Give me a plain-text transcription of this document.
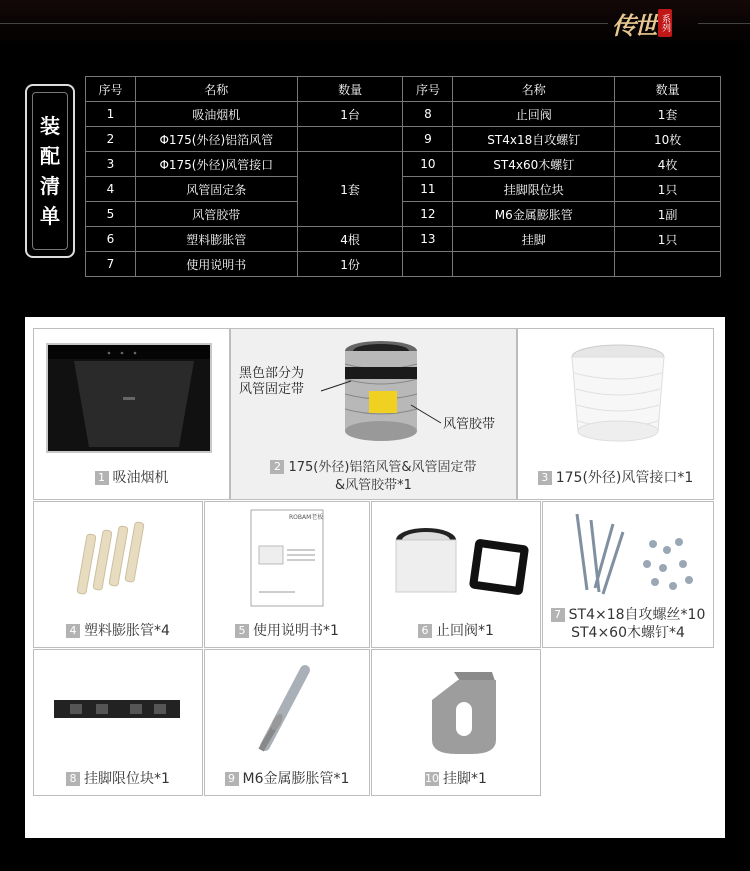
传世 系列
装
配
清
单
序号	名称	数量	序号	名称	数量
1	吸油烟机	1台	8	止回阀	1套
2	Φ175(外径)铝箔风管		9	ST4x18自攻螺钉	10枚
3	Φ175(外径)风管接口	1套	10	ST4x60木螺钉	4枚
4	风管固定条		11	挂脚限位块	1只
5	风管胶带		12	M6金属膨胀管	1副
6	塑料膨胀管	4根	13	挂脚	1只
7	使用说明书	1份			
1 吸油烟机
黑色部分为
风管固定带
风管胶带
2 175(外径)铝箔风管&风管固定带
&风管胶带*1
3 175(外径)风管接口*1
4 塑料膨胀管*4
ROBAM老板
5 使用说明书*1	6 止回阀*1
7 ST4×18自攻螺丝*10
ST4×60木螺钉*4
8 挂脚限位块*1	9 M6金属膨胀管*1	10 挂脚*1
